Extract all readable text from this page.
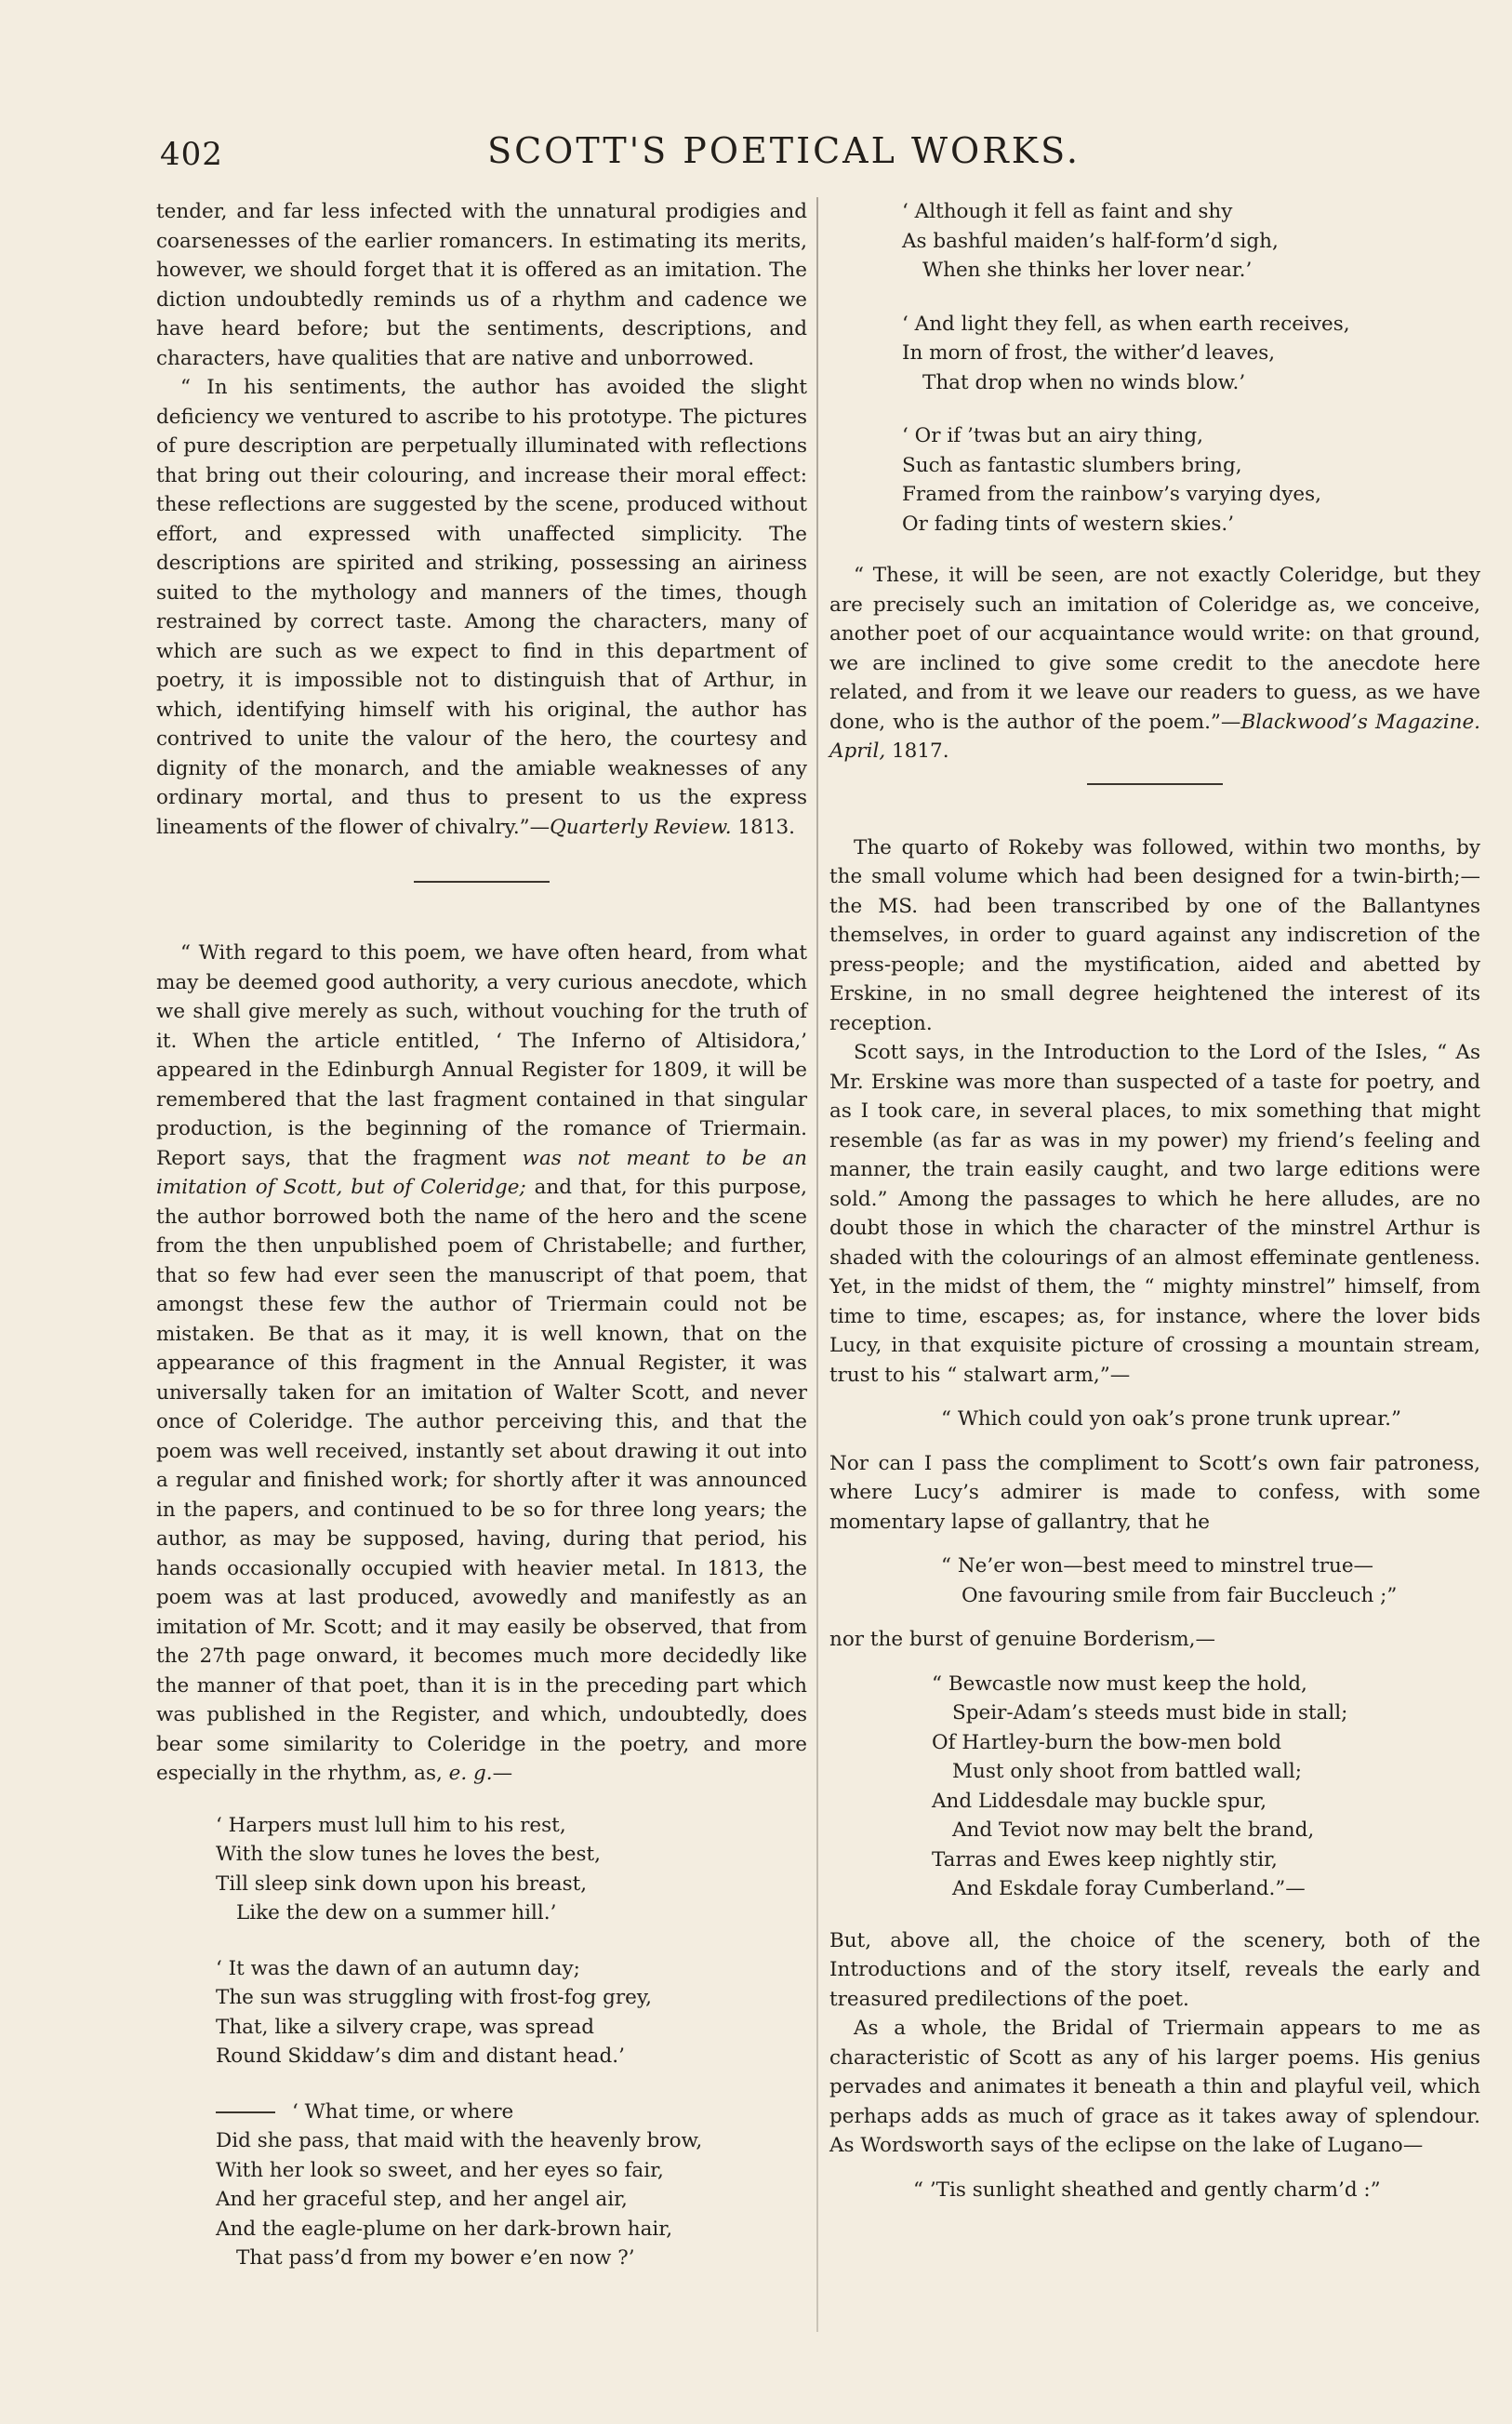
402	SCOTT'S POETICAL WORKS.

tender, and far less infected with the unnatural prodigies and coarsenesses of the earlier romancers. In estimating its merits, however, we should forget that it is offered as an imitation. The diction undoubtedly reminds us of a rhythm and cadence we have heard before; but the sentiments, descriptions, and characters, have qualities that are native and unborrowed.

“ In his sentiments, the author has avoided the slight deficiency we ventured to ascribe to his prototype. The pictures of pure description are perpetually illuminated with reflections that bring out their colouring, and increase their moral effect: these reflections are suggested by the scene, produced without effort, and expressed with unaffected simplicity. The descriptions are spirited and striking, possessing an airiness suited to the mythology and manners of the times, though restrained by correct taste. Among the characters, many of which are such as we expect to find in this department of poetry, it is impossible not to distinguish that of Arthur, in which, identifying himself with his original, the author has contrived to unite the valour of the hero, the courtesy and dignity of the monarch, and the amiable weaknesses of any ordinary mortal, and thus to present to us the express lineaments of the flower of chivalry.”—Quarterly Review. 1813.

“ With regard to this poem, we have often heard, from what may be deemed good authority, a very curious anecdote, which we shall give merely as such, without vouching for the truth of it. When the article entitled, ‘ The Inferno of Altisidora,’ appeared in the Edinburgh Annual Register for 1809, it will be remembered that the last fragment contained in that singular production, is the beginning of the romance of Triermain. Report says, that the fragment was not meant to be an imitation of Scott, but of Coleridge; and that, for this purpose, the author borrowed both the name of the hero and the scene from the then unpublished poem of Christabelle; and further, that so few had ever seen the manuscript of that poem, that amongst these few the author of Triermain could not be mistaken. Be that as it may, it is well known, that on the appearance of this fragment in the Annual Register, it was universally taken for an imitation of Walter Scott, and never once of Coleridge. The author perceiving this, and that the poem was well received, instantly set about drawing it out into a regular and finished work; for shortly after it was announced in the papers, and continued to be so for three long years; the author, as may be supposed, having, during that period, his hands occasionally occupied with heavier metal. In 1813, the poem was at last produced, avowedly and manifestly as an imitation of Mr. Scott; and it may easily be observed, that from the 27th page onward, it becomes much more decidedly like the manner of that poet, than it is in the preceding part which was published in the Register, and which, undoubtedly, does bear some similarity to Coleridge in the poetry, and more especially in the rhythm, as, e. g.—

‘ Harpers must lull him to his rest,
With the slow tunes he loves the best,
Till sleep sink down upon his breast,
Like the dew on a summer hill.’
‘ It was the dawn of an autumn day;
The sun was struggling with frost-fog grey,
That, like a silvery crape, was spread
Round Skiddaw’s dim and distant head.’
‘ What time, or where
Did she pass, that maid with the heavenly brow,
With her look so sweet, and her eyes so fair,
And her graceful step, and her angel air,
And the eagle-plume on her dark-brown hair,
That pass’d from my bower e’en now ?’
‘ Although it fell as faint and shy
As bashful maiden’s half-form’d sigh,
When she thinks her lover near.’
‘ And light they fell, as when earth receives,
In morn of frost, the wither’d leaves,
That drop when no winds blow.’
‘ Or if ’twas but an airy thing,
Such as fantastic slumbers bring,
Framed from the rainbow’s varying dyes,
Or fading tints of western skies.’

“ These, it will be seen, are not exactly Coleridge, but they are precisely such an imitation of Coleridge as, we conceive, another poet of our acquaintance would write: on that ground, we are inclined to give some credit to the anecdote here related, and from it we leave our readers to guess, as we have done, who is the author of the poem.”—Blackwood’s Magazine. April, 1817.

The quarto of Rokeby was followed, within two months, by the small volume which had been designed for a twin-birth;—the MS. had been transcribed by one of the Ballantynes themselves, in order to guard against any indiscretion of the press-people; and the mystification, aided and abetted by Erskine, in no small degree heightened the interest of its reception.

Scott says, in the Introduction to the Lord of the Isles, “ As Mr. Erskine was more than suspected of a taste for poetry, and as I took care, in several places, to mix something that might resemble (as far as was in my power) my friend’s feeling and manner, the train easily caught, and two large editions were sold.” Among the passages to which he here alludes, are no doubt those in which the character of the minstrel Arthur is shaded with the colourings of an almost effeminate gentleness. Yet, in the midst of them, the “ mighty minstrel” himself, from time to time, escapes; as, for instance, where the lover bids Lucy, in that exquisite picture of crossing a mountain stream, trust to his “ stalwart arm,”—

“ Which could yon oak’s prone trunk uprear.”

Nor can I pass the compliment to Scott’s own fair patroness, where Lucy’s admirer is made to confess, with some momentary lapse of gallantry, that he

“ Ne’er won—best meed to minstrel true—
One favouring smile from fair Buccleuch ;”

nor the burst of genuine Borderism,—

“ Bewcastle now must keep the hold,
Speir-Adam’s steeds must bide in stall;
Of Hartley-burn the bow-men bold
Must only shoot from battled wall;
And Liddesdale may buckle spur,
And Teviot now may belt the brand,
Tarras and Ewes keep nightly stir,
And Eskdale foray Cumberland.”—

But, above all, the choice of the scenery, both of the Introductions and of the story itself, reveals the early and treasured predilections of the poet.

As a whole, the Bridal of Triermain appears to me as characteristic of Scott as any of his larger poems. His genius pervades and animates it beneath a thin and playful veil, which perhaps adds as much of grace as it takes away of splendour. As Wordsworth says of the eclipse on the lake of Lugano—

“ ’Tis sunlight sheathed and gently charm’d :”
